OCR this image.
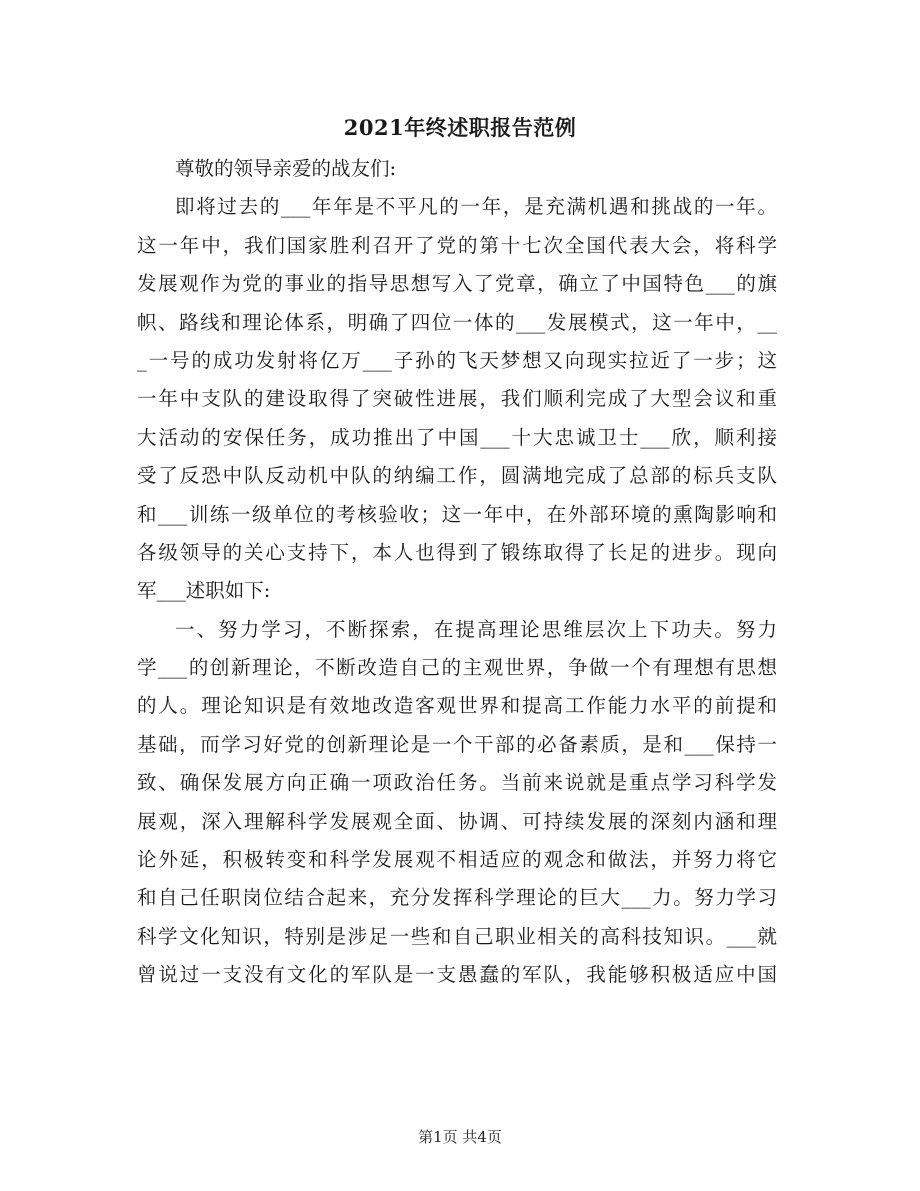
2021年终述职报告范例
尊敬的领导亲爱的战友们:
即将过去的___年年是不平凡的一年，是充满机遇和挑战的一年。
这一年中，我们国家胜利召开了党的第十七次全国代表大会，将科学
发展观作为党的事业的指导思想写入了党章，确立了中国特色___的旗
帜、路线和理论体系，明确了四位一体的___发展模式，这一年中，__
_一号的成功发射将亿万___子孙的飞天梦想又向现实拉近了一步；这
一年中支队的建设取得了突破性进展，我们顺利完成了大型会议和重
大活动的安保任务，成功推出了中国___十大忠诚卫士___欣，顺利接
受了反恐中队反动机中队的纳编工作，圆满地完成了总部的标兵支队
和___训练一级单位的考核验收；这一年中，在外部环境的熏陶影响和
各级领导的关心支持下，本人也得到了锻练取得了长足的进步。现向
军___述职如下:
一、努力学习，不断探索，在提高理论思维层次上下功夫。努力
学___的创新理论，不断改造自己的主观世界，争做一个有理想有思想
的人。理论知识是有效地改造客观世界和提高工作能力水平的前提和
基础，而学习好党的创新理论是一个干部的必备素质，是和___保持一
致、确保发展方向正确一项政治任务。当前来说就是重点学习科学发
展观，深入理解科学发展观全面、协调、可持续发展的深刻内涵和理
论外延，积极转变和科学发展观不相适应的观念和做法，并努力将它
和自己任职岗位结合起来，充分发挥科学理论的巨大___力。努力学习
科学文化知识，特别是涉足一些和自己职业相关的高科技知识。___就
曾说过一支没有文化的军队是一支愚蠢的军队，我能够积极适应中国
第1页 共4页
